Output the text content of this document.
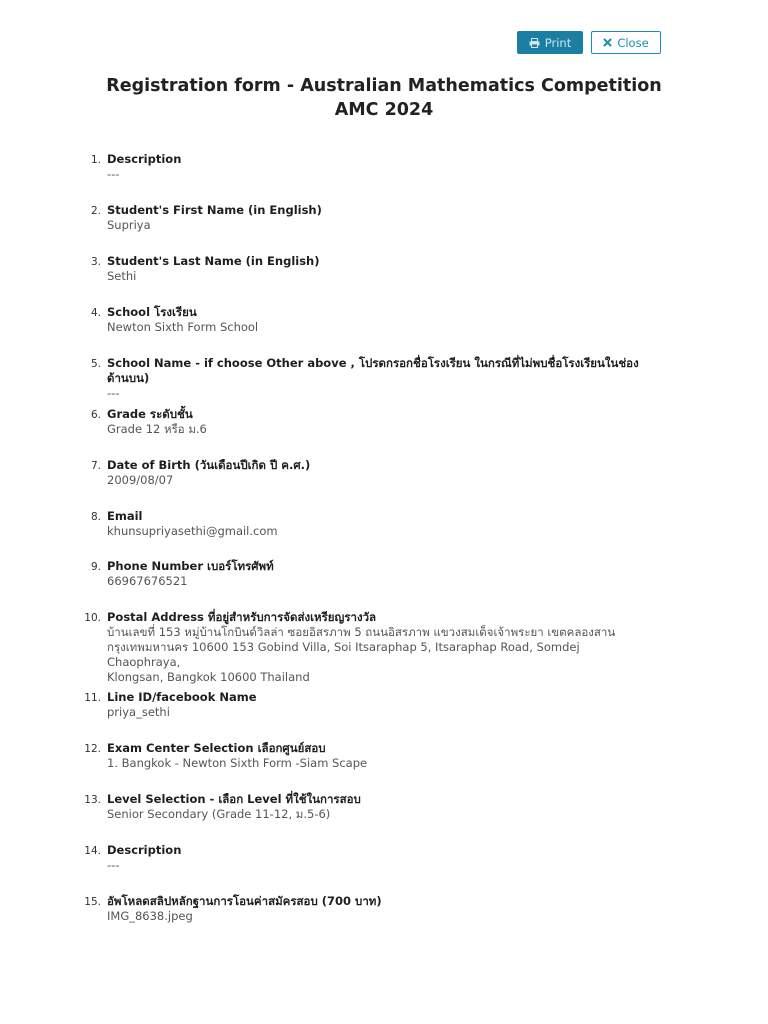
Print	Close
Registration form - Australian Mathematics Competition
AMC 2024
1. Description
---
2. Student's First Name (in English)
Supriya
3. Student's Last Name (in English)
Sethi
4. School โรงเรียน
Newton Sixth Form School
5. School Name - if choose Other above , โปรดกรอกชื่อโรงเรียน ในกรณีที่ไม่พบชื่อโรงเรียนในช่องด้านบน)
---
6. Grade ระดับชั้น
Grade 12 หรือ ม.6
7. Date of Birth (วันเดือนปีเกิด ปี ค.ศ.)
2009/08/07
8. Email
khunsupriyasethi@gmail.com
9. Phone Number เบอร์โทรศัพท์
66967676521
10. Postal Address ที่อยู่สำหรับการจัดส่งเหรียญรางวัล
บ้านเลขที่ 153 หมู่บ้านโกบินด์วิลล่า ซอยอิสรภาพ 5 ถนนอิสรภาพ แขวงสมเด็จเจ้าพระยา เขตคลองสาน
กรุงเทพมหานคร 10600 153 Gobind Villa, Soi Itsaraphap 5, Itsaraphap Road, Somdej Chaophraya,
Klongsan, Bangkok 10600 Thailand
11. Line ID/facebook Name
priya_sethi
12. Exam Center Selection เลือกศูนย์สอบ
1. Bangkok - Newton Sixth Form -Siam Scape
13. Level Selection - เลือก Level ที่ใช้ในการสอบ
Senior Secondary (Grade 11-12, ม.5-6)
14. Description
---
15. อัพโหลดสลิปหลักฐานการโอนค่าสมัครสอบ (700 บาท)
IMG_8638.jpeg
